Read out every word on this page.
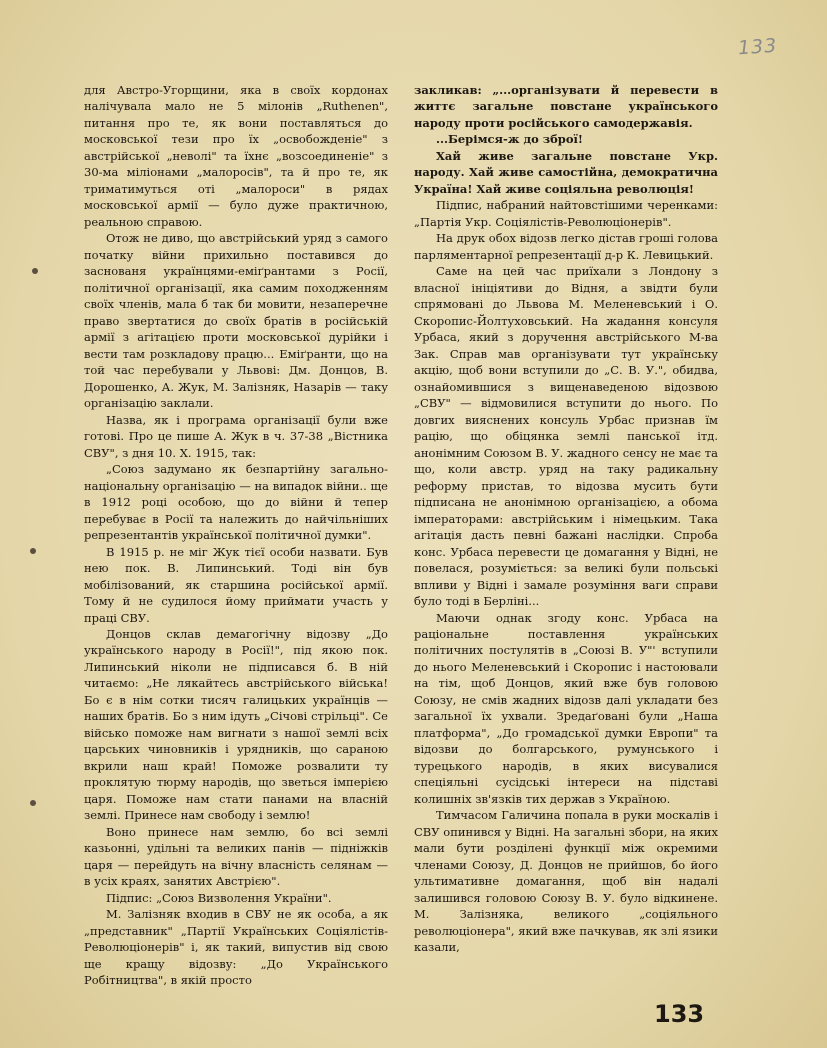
133

для Австро-Угорщини, яка в своїх кордонах налічувала мало не 5 мілонів „Ruthenen", питання про те, як вони поставляться до московської тези про їх „освобожденіе" з австрійської „неволі" та їхнє „возсоединеніе" з 30-ма міліонами „малоросів", та й про те, як триматимуться оті „малороси" в рядах московської армії — було дуже практичною, реальною справою.

Отож не диво, що австрійський уряд з самого початку війни прихильно поставився до заснованя українцями-еміґрантами з Росії, політичної організації, яка самим походженням своїх членів, мала б так би мовити, незаперечне право звертатися до своїх братів в російській армії з агітацією проти московської дурійки і вести там розкладову працю... Еміґранти, що на той час перебували у Львові: Дм. Донцов, В. Дорошенко, А. Жук, М. Залізняк, Назарів — таку організацію заклали.

Назва, як і програма організації були вже готові. Про це пише А. Жук в ч. 37-38 „Вістника СВУ", з дня 10. Х. 1915, так:

„Союз задумано як безпартійну загально-національну організацію — на випадок війни.. ще в 1912 році особою, що до війни й тепер перебуває в Росії та належить до найчільніших репрезентантів української політичної думки".

В 1915 р. не міг Жук тієї особи назвати. Був нею пок. В. Липинський. Тоді він був мобілізований, як старшина російської армії. Тому й не судилося йому приймати участь у праці СВУ.

Донцов склав демагогічну відозву „До українського народу в Росії!", під якою пок. Липинський ніколи не підписався б. В ній читаємо: „Не лякайтесь австрійського війська! Бо є в нім сотки тисяч галицьких українців — наших братів. Бо з ним ідуть „Січові стрільці". Се військо поможе нам вигнати з нашої землі всіх царських чиновників і урядників, що сараною вкрили наш край! Поможе розвалити ту проклятую тюрму народів, що зветься імперією царя. Поможе нам стати панами на власній землі. Принесе нам свободу і землю!

Воно принесе нам землю, бо всі землі казьонні, удільні та великих панів — підніжків царя — перейдуть на вічну власність селянам — в усіх краях, занятих Австрією".

Підпис: „Союз Визволення України".

М. Залізняк входив в СВУ не як особа, а як „представник" „Партії Українських Соціялістів-Революціонерів" і, як такий, випустив від свою ще кращу відозву: „До Українського Робітництва", в якій просто

закликав: „...організувати й перевести в життє загальне повстане українського народу проти російського самодержавія.

...Берімся-ж до зброї!

Хай живе загальне повстане Укр. народу. Хай живе самостійна, демократична Україна! Хай живе соціяльна революція!

Підпис, набраний найтовстішими черенками: „Партія Укр. Соціялістів-Революціонерів".

На друк обох відозв легко дістав гроші голова парляментарної репрезентації д-р К. Левицький.

Саме на цей час приїхали з Лондону з власної ініціятиви до Відня, а звідти були спрямовані до Львова М. Меленевський і О. Скоропис-Йолтуховський. На жадання консуля Урбаса, який з доручення австрійського М-ва Зак. Справ мав організувати тут українську акцію, щоб вони вступили до „С. В. У.", обидва, ознайомившися з вищенаведеною відозвою „СВУ" — відмовилися вступити до нього. По довгих вияснених консуль Урбас признав їм рацію, що обіцянка землі панської ітд. анонімним Союзом В. У. жадного сенсу не має та що, коли австр. уряд на таку радикальну реформу пристав, то відозва мусить бути підписана не анонімною організацією, а обома імператорами: австрійським і німецьким. Така агітація дасть певні бажані наслідки. Спроба конс. Урбаса перевести це домагання у Відні, не повелася, розуміється: за великі були польські впливи у Відні і замале розуміння ваги справи було тоді в Берліні...

Маючи однак згоду конс. Урбаса на раціональне поставлення українських політичних постулятів в „Союзі В. У"' вступили до нього Меленевський і Скоропис і настоювали на тім, щоб Донцов, який вже був головою Союзу, не смів жадних відозв далі укладати без загальної їх ухвали. Зредаґовані були „Наша платформа", „До громадської думки Европи" та відозви до болгарського, румунського і турецького народів, в яких висувалися спеціяльні сусідські інтереси на підставі колишніх зв'язків тих держав з Україною.

Тимчасом Галичина попала в руки москалів і СВУ опинився у Відні. На загальні збори, на яких мали бути розділені функції між окремими членами Союзу, Д. Донцов не прийшов, бо його ультимативне домагання, щоб він надалі залишився головою Союзу В. У. було відкинене. М. Залізняка, великого „соціяльного революціонера", який вже пачкував, як злі язики казали,

133
